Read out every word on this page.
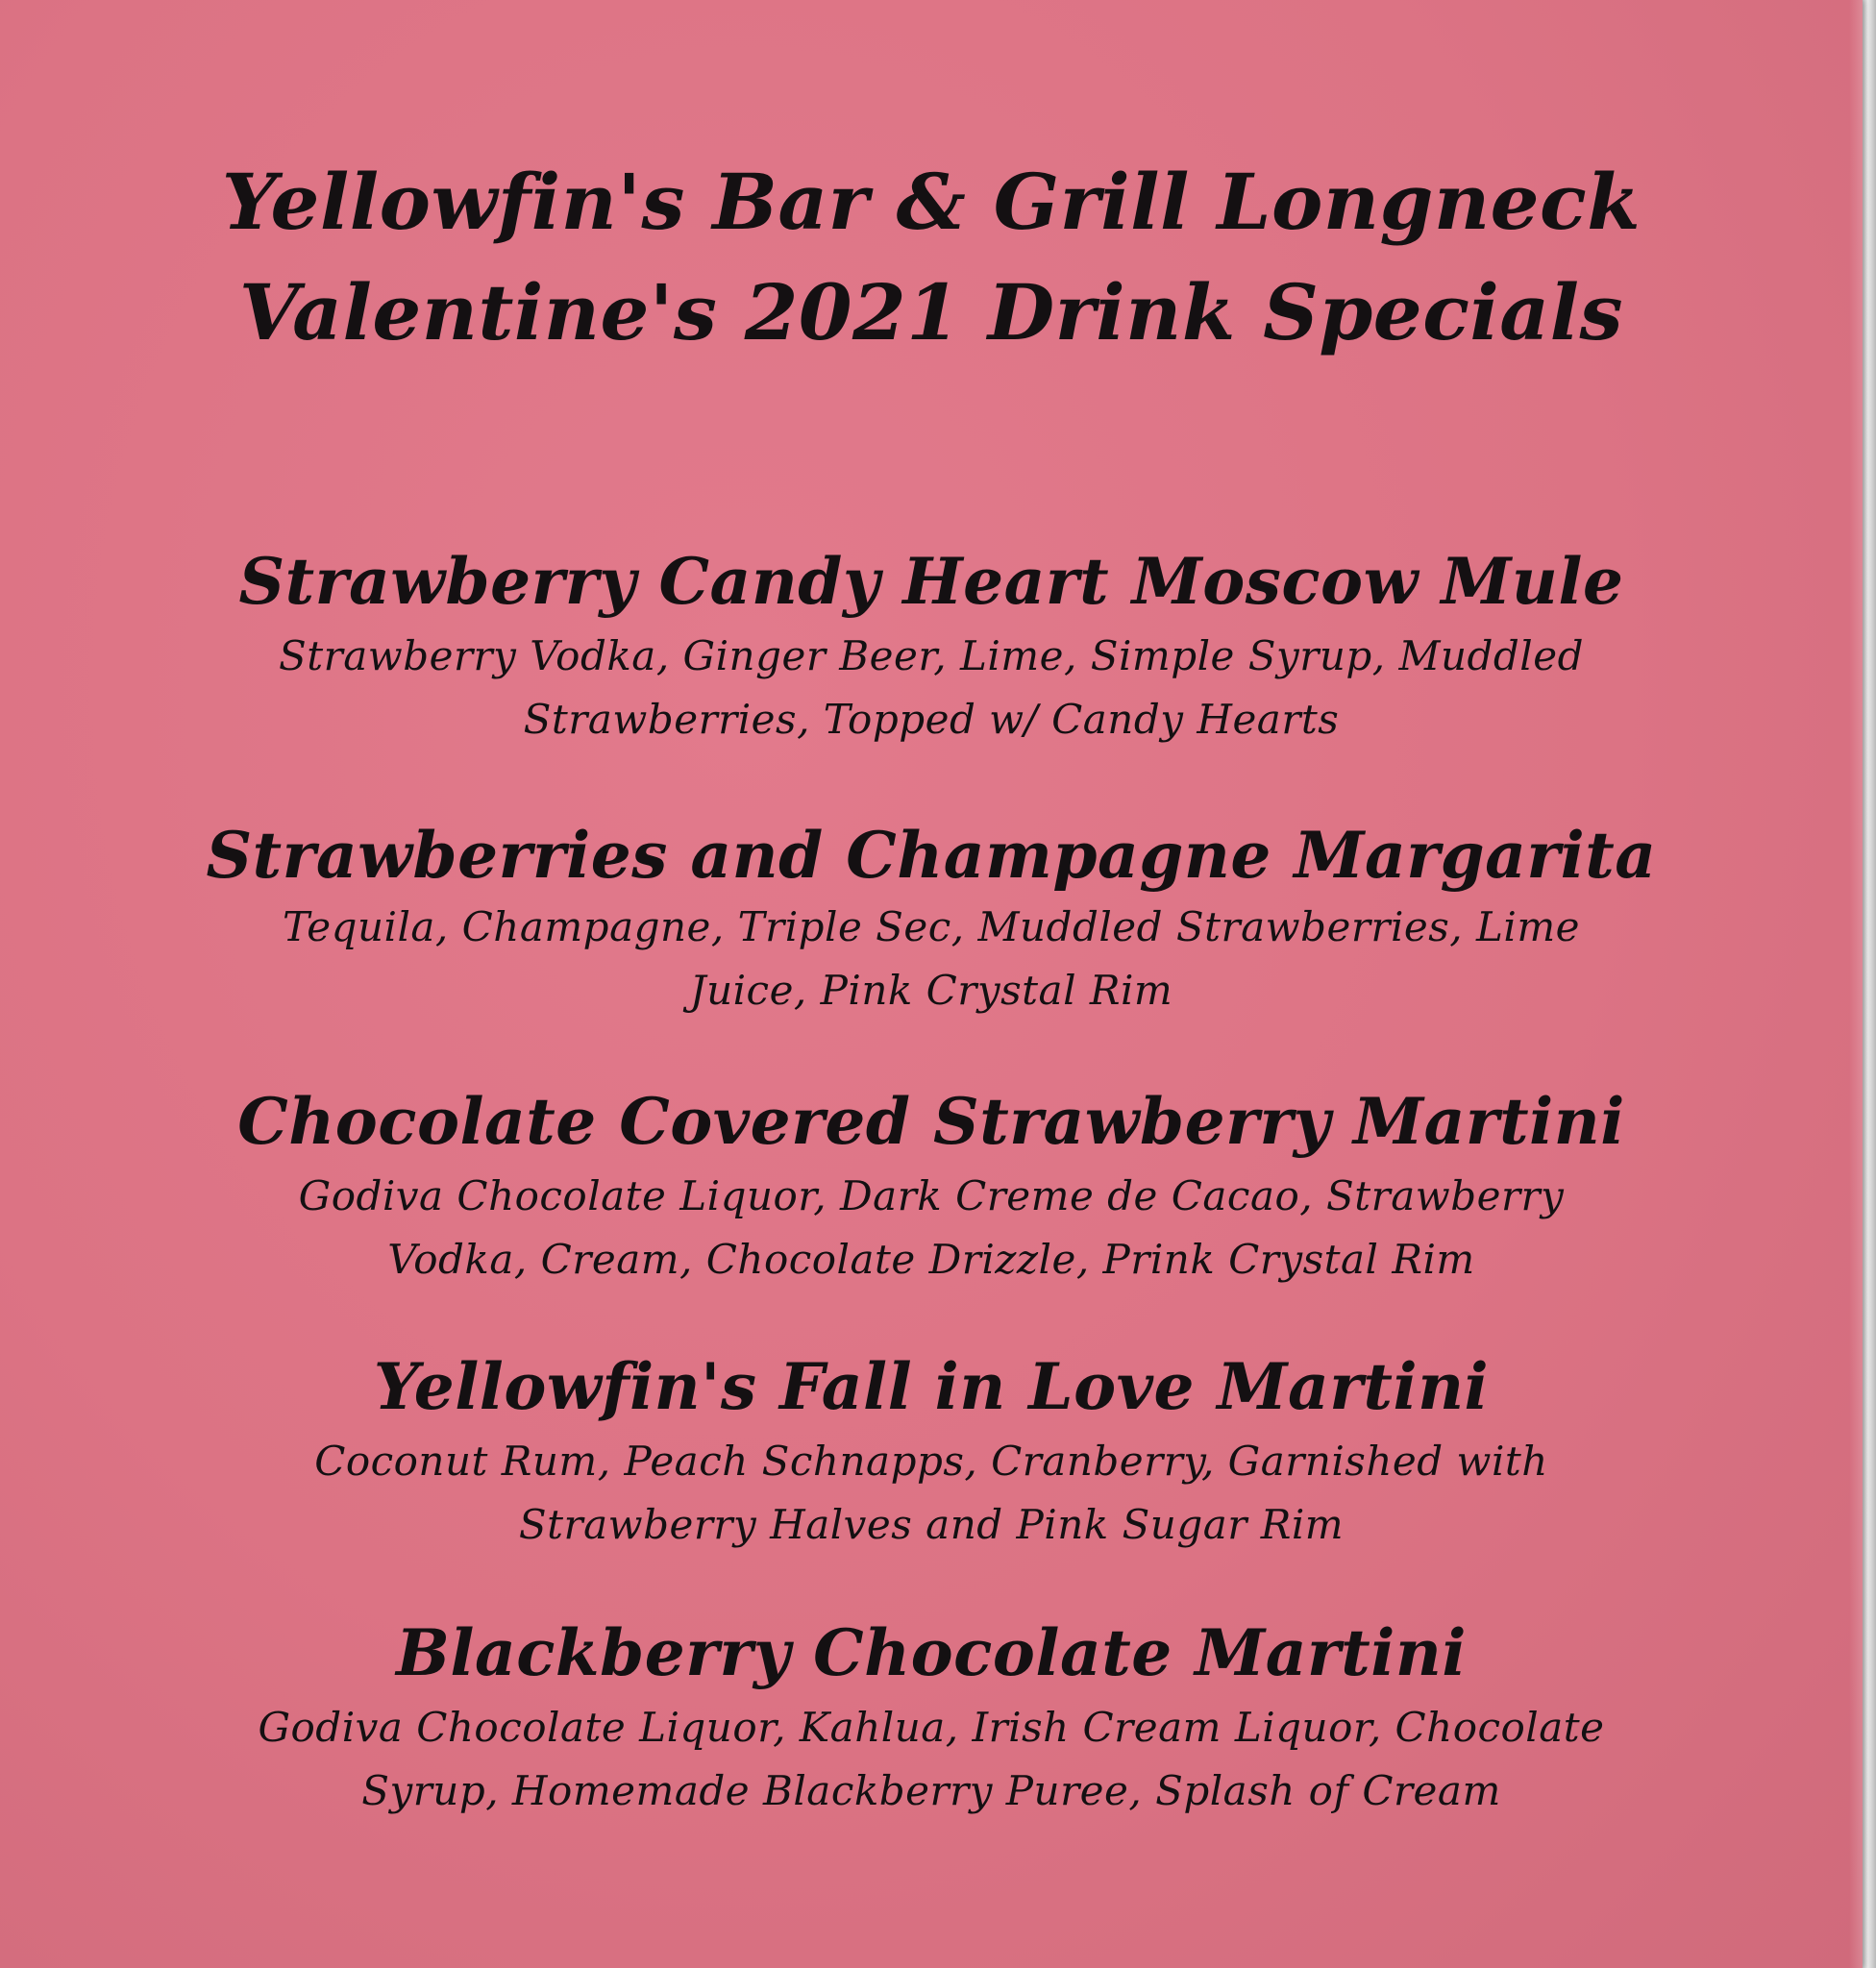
Yellowfin's Bar & Grill Longneck
Valentine's 2021 Drink Specials
Strawberry Candy Heart Moscow Mule

Strawberry Vodka, Ginger Beer, Lime, Simple Syrup, Muddled Strawberries, Topped w/ Candy Hearts

Strawberries and Champagne Margarita

Tequila, Champagne, Triple Sec, Muddled Strawberries, Lime Juice, Pink Crystal Rim

Chocolate Covered Strawberry Martini

Godiva Chocolate Liquor, Dark Creme de Cacao, Strawberry Vodka, Cream, Chocolate Drizzle, Prink Crystal Rim

Yellowfin's Fall in Love Martini

Coconut Rum, Peach Schnapps, Cranberry, Garnished with Strawberry Halves and Pink Sugar Rim

Blackberry Chocolate Martini

Godiva Chocolate Liquor, Kahlua, Irish Cream Liquor, Chocolate Syrup, Homemade Blackberry Puree, Splash of Cream
